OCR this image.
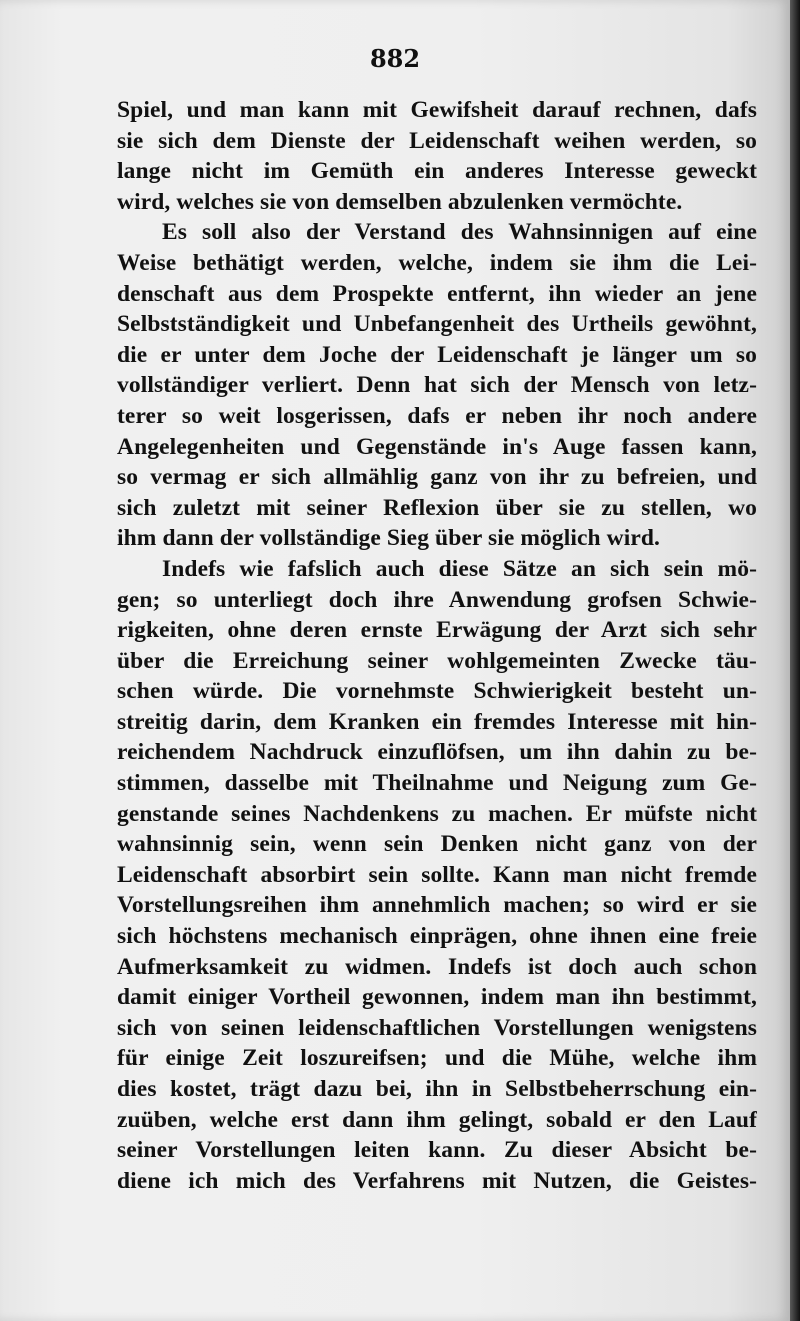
882
Spiel, und man kann mit Gewifsheit darauf rechnen, dafs
sie sich dem Dienste der Leidenschaft weihen werden, so
lange nicht im Gemüth ein anderes Interesse geweckt
wird, welches sie von demselben abzulenken vermöchte.
Es soll also der Verstand des Wahnsinnigen auf eine
Weise bethätigt werden, welche, indem sie ihm die Lei-
denschaft aus dem Prospekte entfernt, ihn wieder an jene
Selbstständigkeit und Unbefangenheit des Urtheils gewöhnt,
die er unter dem Joche der Leidenschaft je länger um so
vollständiger verliert. Denn hat sich der Mensch von letz-
terer so weit losgerissen, dafs er neben ihr noch andere
Angelegenheiten und Gegenstände in's Auge fassen kann,
so vermag er sich allmählig ganz von ihr zu befreien, und
sich zuletzt mit seiner Reflexion über sie zu stellen, wo
ihm dann der vollständige Sieg über sie möglich wird.
Indefs wie fafslich auch diese Sätze an sich sein mö-
gen; so unterliegt doch ihre Anwendung grofsen Schwie-
rigkeiten, ohne deren ernste Erwägung der Arzt sich sehr
über die Erreichung seiner wohlgemeinten Zwecke täu-
schen würde. Die vornehmste Schwierigkeit besteht un-
streitig darin, dem Kranken ein fremdes Interesse mit hin-
reichendem Nachdruck einzuflöfsen, um ihn dahin zu be-
stimmen, dasselbe mit Theilnahme und Neigung zum Ge-
genstande seines Nachdenkens zu machen. Er müfste nicht
wahnsinnig sein, wenn sein Denken nicht ganz von der
Leidenschaft absorbirt sein sollte. Kann man nicht fremde
Vorstellungsreihen ihm annehmlich machen; so wird er sie
sich höchstens mechanisch einprägen, ohne ihnen eine freie
Aufmerksamkeit zu widmen. Indefs ist doch auch schon
damit einiger Vortheil gewonnen, indem man ihn bestimmt,
sich von seinen leidenschaftlichen Vorstellungen wenigstens
für einige Zeit loszureifsen; und die Mühe, welche ihm
dies kostet, trägt dazu bei, ihn in Selbstbeherrschung ein-
zuüben, welche erst dann ihm gelingt, sobald er den Lauf
seiner Vorstellungen leiten kann. Zu dieser Absicht be-
diene ich mich des Verfahrens mit Nutzen, die Geistes-
